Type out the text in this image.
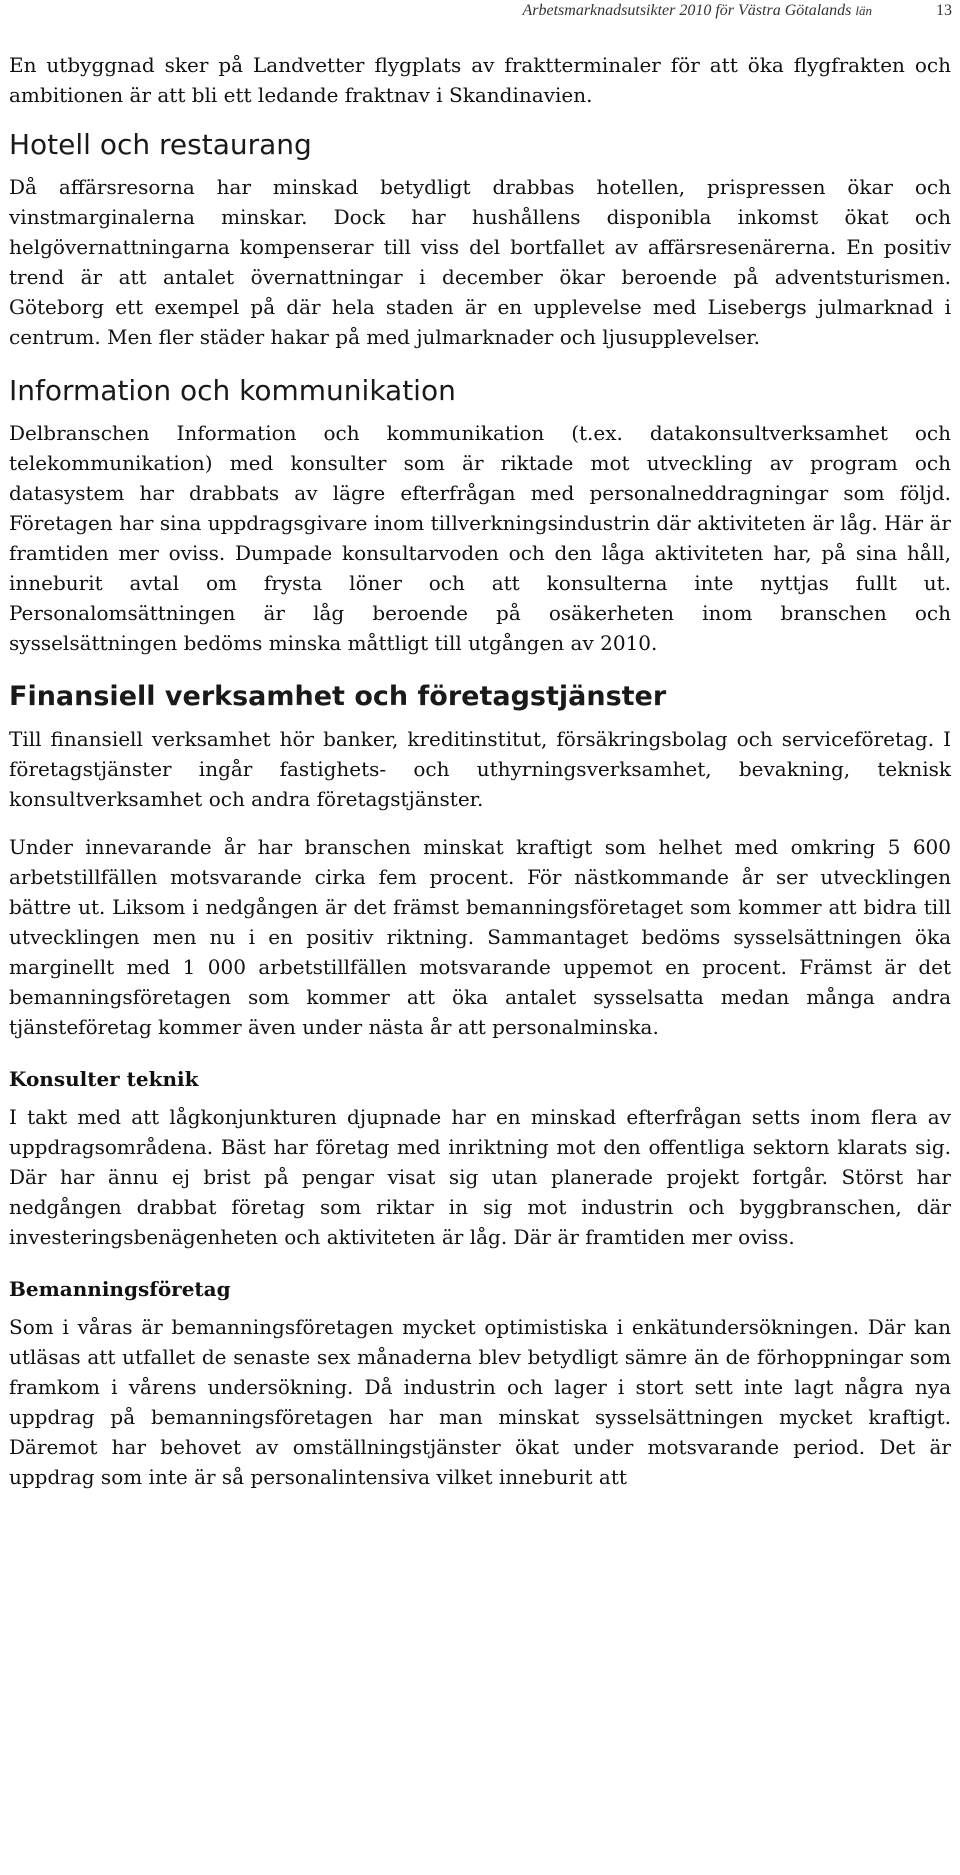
Arbetsmarknadsutsikter 2010 för Västra Götalands län	13

En utbyggnad sker på Landvetter flygplats av fraktterminaler för att öka flygfrakten och ambitionen är att bli ett ledande fraktnav i Skandinavien.

Hotell och restaurang

Då affärsresorna har minskad betydligt drabbas hotellen, prispressen ökar och vinstmarginalerna minskar. Dock har hushållens disponibla inkomst ökat och helgövernattningarna kompenserar till viss del bortfallet av affärsresenärerna. En positiv trend är att antalet övernattningar i december ökar beroende på adventsturismen. Göteborg ett exempel på där hela staden är en upplevelse med Lisebergs julmarknad i centrum. Men fler städer hakar på med julmarknader och ljusupplevelser.

Information och kommunikation

Delbranschen Information och kommunikation (t.ex. datakonsultverksamhet och telekommunikation) med konsulter som är riktade mot utveckling av program och datasystem har drabbats av lägre efterfrågan med personalneddragningar som följd. Företagen har sina uppdragsgivare inom tillverkningsindustrin där aktiviteten är låg. Här är framtiden mer oviss. Dumpade konsultarvoden och den låga aktiviteten har, på sina håll, inneburit avtal om frysta löner och att konsulterna inte nyttjas fullt ut. Personalomsättningen är låg beroende på osäkerheten inom branschen och sysselsättningen bedöms minska måttligt till utgången av 2010.

Finansiell verksamhet och företagstjänster

Till finansiell verksamhet hör banker, kreditinstitut, försäkringsbolag och serviceföretag. I företagstjänster ingår fastighets- och uthyrningsverksamhet, bevakning, teknisk konsultverksamhet och andra företagstjänster.

Under innevarande år har branschen minskat kraftigt som helhet med omkring 5 600 arbetstillfällen motsvarande cirka fem procent. För nästkommande år ser utvecklingen bättre ut. Liksom i nedgången är det främst bemanningsföretaget som kommer att bidra till utvecklingen men nu i en positiv riktning. Sammantaget bedöms sysselsättningen öka marginellt med 1 000 arbetstillfällen motsvarande uppemot en procent. Främst är det bemanningsföretagen som kommer att öka antalet sysselsatta medan många andra tjänsteföretag kommer även under nästa år att personalminska.

Konsulter teknik

I takt med att lågkonjunkturen djupnade har en minskad efterfrågan setts inom flera av uppdragsområdena. Bäst har företag med inriktning mot den offentliga sektorn klarats sig. Där har ännu ej brist på pengar visat sig utan planerade projekt fortgår. Störst har nedgången drabbat företag som riktar in sig mot industrin och byggbranschen, där investeringsbenägenheten och aktiviteten är låg. Där är framtiden mer oviss.

Bemanningsföretag

Som i våras är bemanningsföretagen mycket optimistiska i enkätundersökningen. Där kan utläsas att utfallet de senaste sex månaderna blev betydligt sämre än de förhoppningar som framkom i vårens undersökning. Då industrin och lager i stort sett inte lagt några nya uppdrag på bemanningsföretagen har man minskat sysselsättningen mycket kraftigt. Däremot har behovet av omställningstjänster ökat under motsvarande period. Det är uppdrag som inte är så personalintensiva vilket inneburit att
